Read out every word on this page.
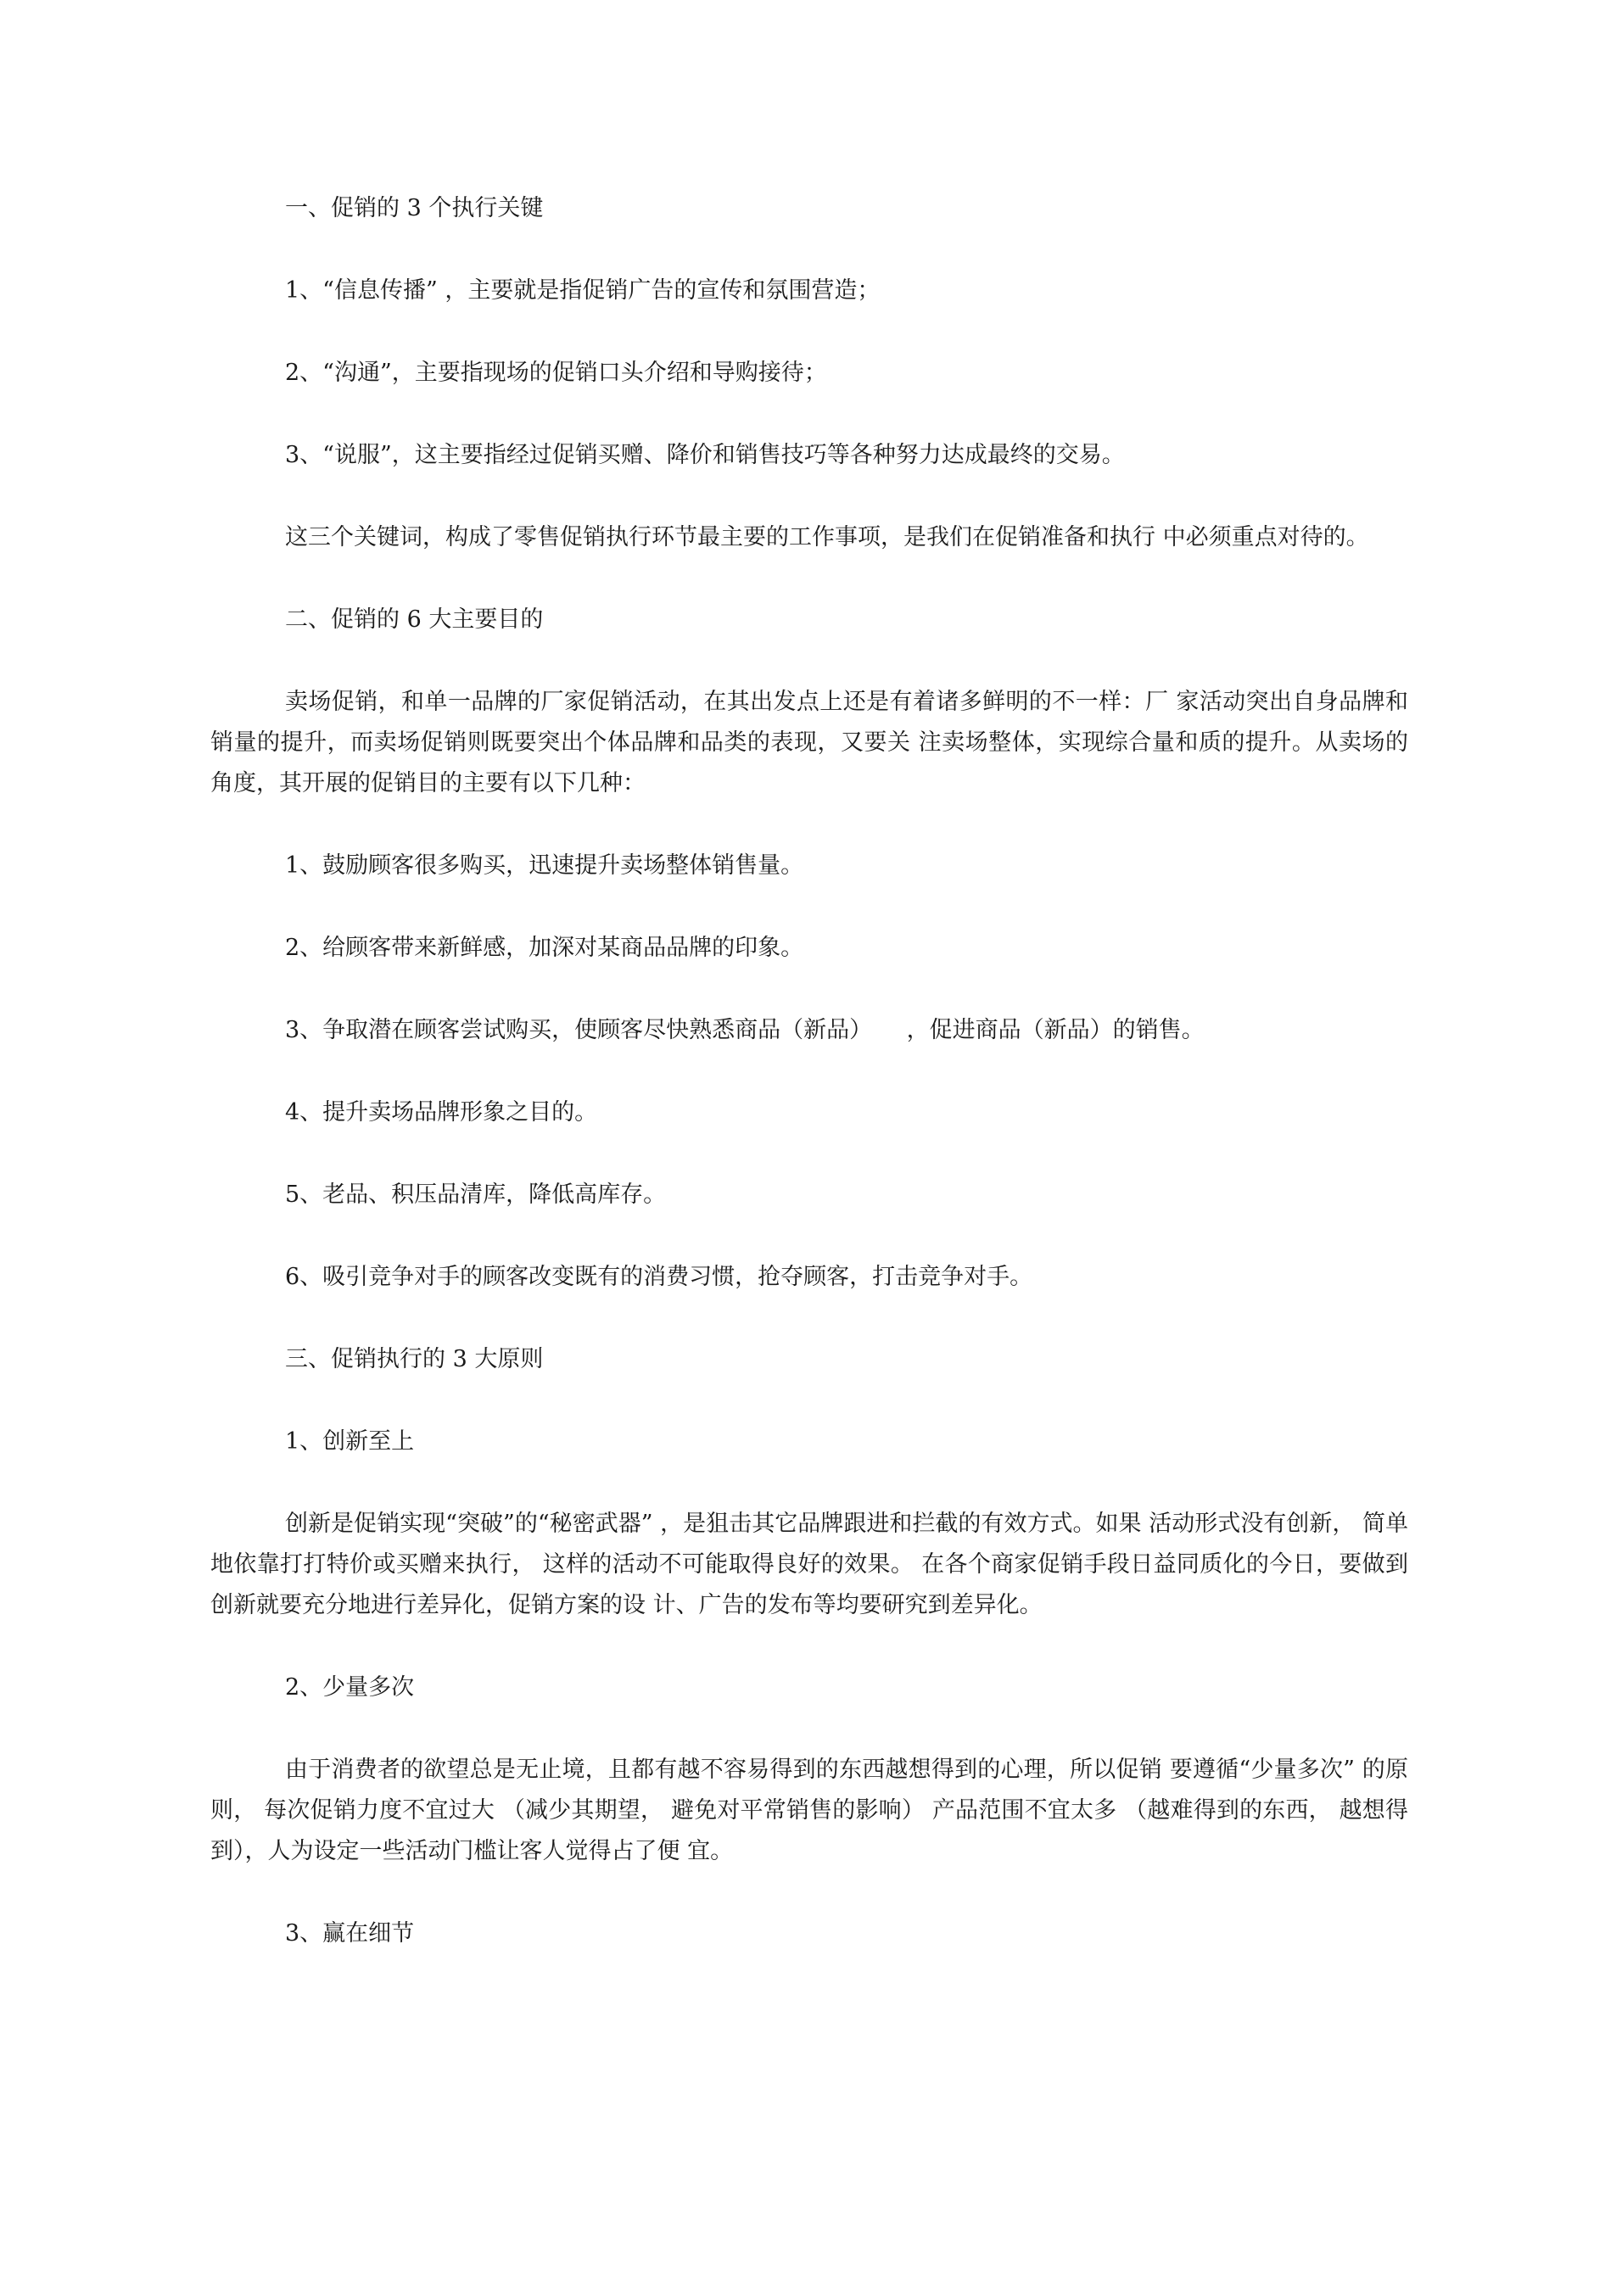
一、促销的 3 个执行关键

1、“信息传播” ，主要就是指促销广告的宣传和氛围营造；

2、“沟通”，主要指现场的促销口头介绍和导购接待；

3、“说服”，这主要指经过促销买赠、降价和销售技巧等各种努力达成最终的交易。

这三个关键词，构成了零售促销执行环节最主要的工作事项，是我们在促销准备和执行 中必须重点对待的。

二、促销的 6 大主要目的

卖场促销，和单一品牌的厂家促销活动，在其出发点上还是有着诸多鲜明的不一样：厂 家活动突出自身品牌和销量的提升，而卖场促销则既要突出个体品牌和品类的表现，又要关 注卖场整体，实现综合量和质的提升。从卖场的角度，其开展的促销目的主要有以下几种：

1、鼓励顾客很多购买，迅速提升卖场整体销售量。

2、给顾客带来新鲜感，加深对某商品品牌的印象。

3、争取潜在顾客尝试购买，使顾客尽快熟悉商品（新品）　　，促进商品（新品）的销售。

4、提升卖场品牌形象之目的。

5、老品、积压品清库，降低高库存。

6、吸引竞争对手的顾客改变既有的消费习惯，抢夺顾客，打击竞争对手。

三、促销执行的 3 大原则

1、创新至上

创新是促销实现“突破”的“秘密武器” ，是狙击其它品牌跟进和拦截的有效方式。如果 活动形式没有创新， 简单地依靠打打特价或买赠来执行， 这样的活动不可能取得良好的效果。 在各个商家促销手段日益同质化的今日，要做到创新就要充分地进行差异化，促销方案的设 计、广告的发布等均要研究到差异化。

2、少量多次

由于消费者的欲望总是无止境，且都有越不容易得到的东西越想得到的心理，所以促销 要遵循“少量多次” 的原则， 每次促销力度不宜过大 （减少其期望， 避免对平常销售的影响） 产品范围不宜太多 （越难得到的东西， 越想得到），人为设定一些活动门槛让客人觉得占了便 宜。

3、赢在细节
